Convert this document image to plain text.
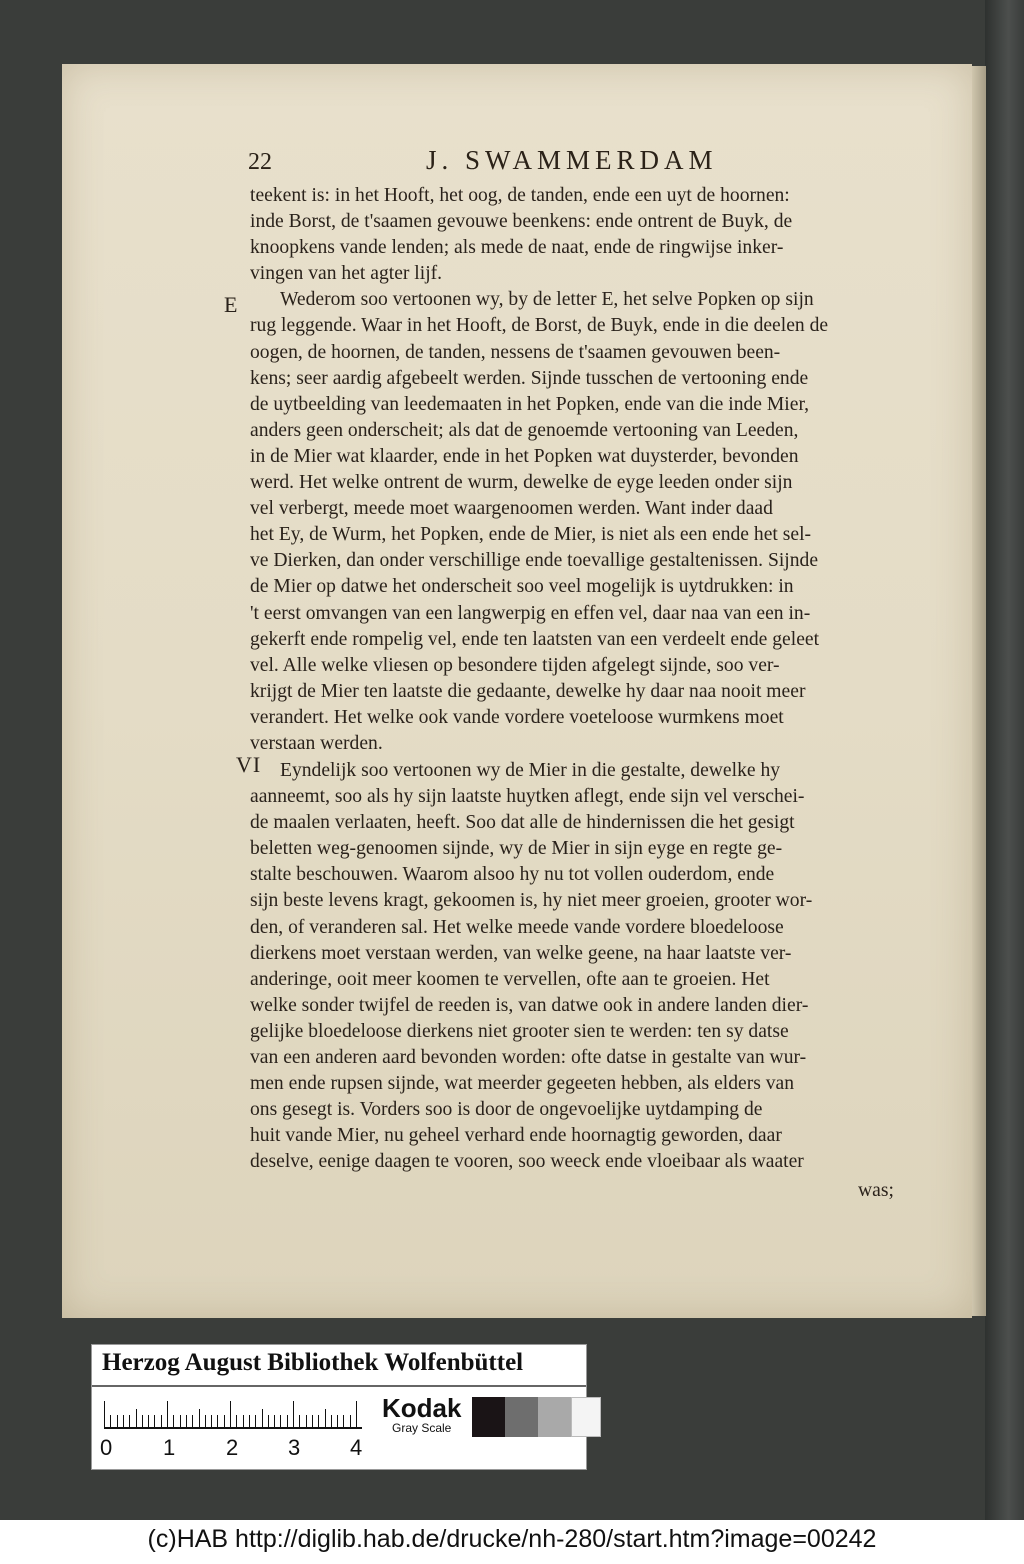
22	J. SWAMMERDAM
E
VI
teekent is: in het Hooft, het oog, de tanden, ende een uyt de hoornen:
inde Borst, de t'saamen gevouwe beenkens: ende ontrent de Buyk, de
knoopkens vande lenden; als mede de naat, ende de ringwijse inker-
vingen van het agter lijf.
Wederom soo vertoonen wy, by de letter E, het selve Popken op sijn
rug leggende. Waar in het Hooft, de Borst, de Buyk, ende in die deelen de
oogen, de hoornen, de tanden, nessens de t'saamen gevouwen been-
kens; seer aardig afgebeelt werden. Sijnde tusschen de vertooning ende
de uytbeelding van leedemaaten in het Popken, ende van die inde Mier,
anders geen onderscheit; als dat de genoemde vertooning van Leeden,
in de Mier wat klaarder, ende in het Popken wat duysterder, bevonden
werd. Het welke ontrent de wurm, dewelke de eyge leeden onder sijn
vel verbergt, meede moet waargenoomen werden. Want inder daad
het Ey, de Wurm, het Popken, ende de Mier, is niet als een ende het sel-
ve Dierken, dan onder verschillige ende toevallige gestaltenissen. Sijnde
de Mier op datwe het onderscheit soo veel mogelijk is uytdrukken: in
't eerst omvangen van een langwerpig en effen vel, daar naa van een in-
gekerft ende rompelig vel, ende ten laatsten van een verdeelt ende geleet
vel. Alle welke vliesen op besondere tijden afgelegt sijnde, soo ver-
krijgt de Mier ten laatste die gedaante, dewelke hy daar naa nooit meer
verandert. Het welke ook vande vordere voeteloose wurmkens moet
verstaan werden.
Eyndelijk soo vertoonen wy de Mier in die gestalte, dewelke hy
aanneemt, soo als hy sijn laatste huytken aflegt, ende sijn vel verschei-
de maalen verlaaten, heeft. Soo dat alle de hindernissen die het gesigt
beletten weg-genoomen sijnde, wy de Mier in sijn eyge en regte ge-
stalte beschouwen. Waarom alsoo hy nu tot vollen ouderdom, ende
sijn beste levens kragt, gekoomen is, hy niet meer groeien, grooter wor-
den, of veranderen sal. Het welke meede vande vordere bloedeloose
dierkens moet verstaan werden, van welke geene, na haar laatste ver-
anderinge, ooit meer koomen te vervellen, ofte aan te groeien. Het
welke sonder twijfel de reeden is, van datwe ook in andere landen dier-
gelijke bloedeloose dierkens niet grooter sien te werden: ten sy datse
van een anderen aard bevonden worden: ofte datse in gestalte van wur-
men ende rupsen sijnde, wat meerder gegeeten hebben, als elders van
ons gesegt is. Vorders soo is door de ongevoelijke uytdamping de
huit vande Mier, nu geheel verhard ende hoornagtig geworden, daar
deselve, eenige daagen te vooren, soo weeck ende vloeibaar als waater
was;
Herzog August Bibliothek Wolfenbüttel
0 1 2 3 4
Kodak
Gray Scale
(c)HAB http://diglib.hab.de/drucke/nh-280/start.htm?image=00242
